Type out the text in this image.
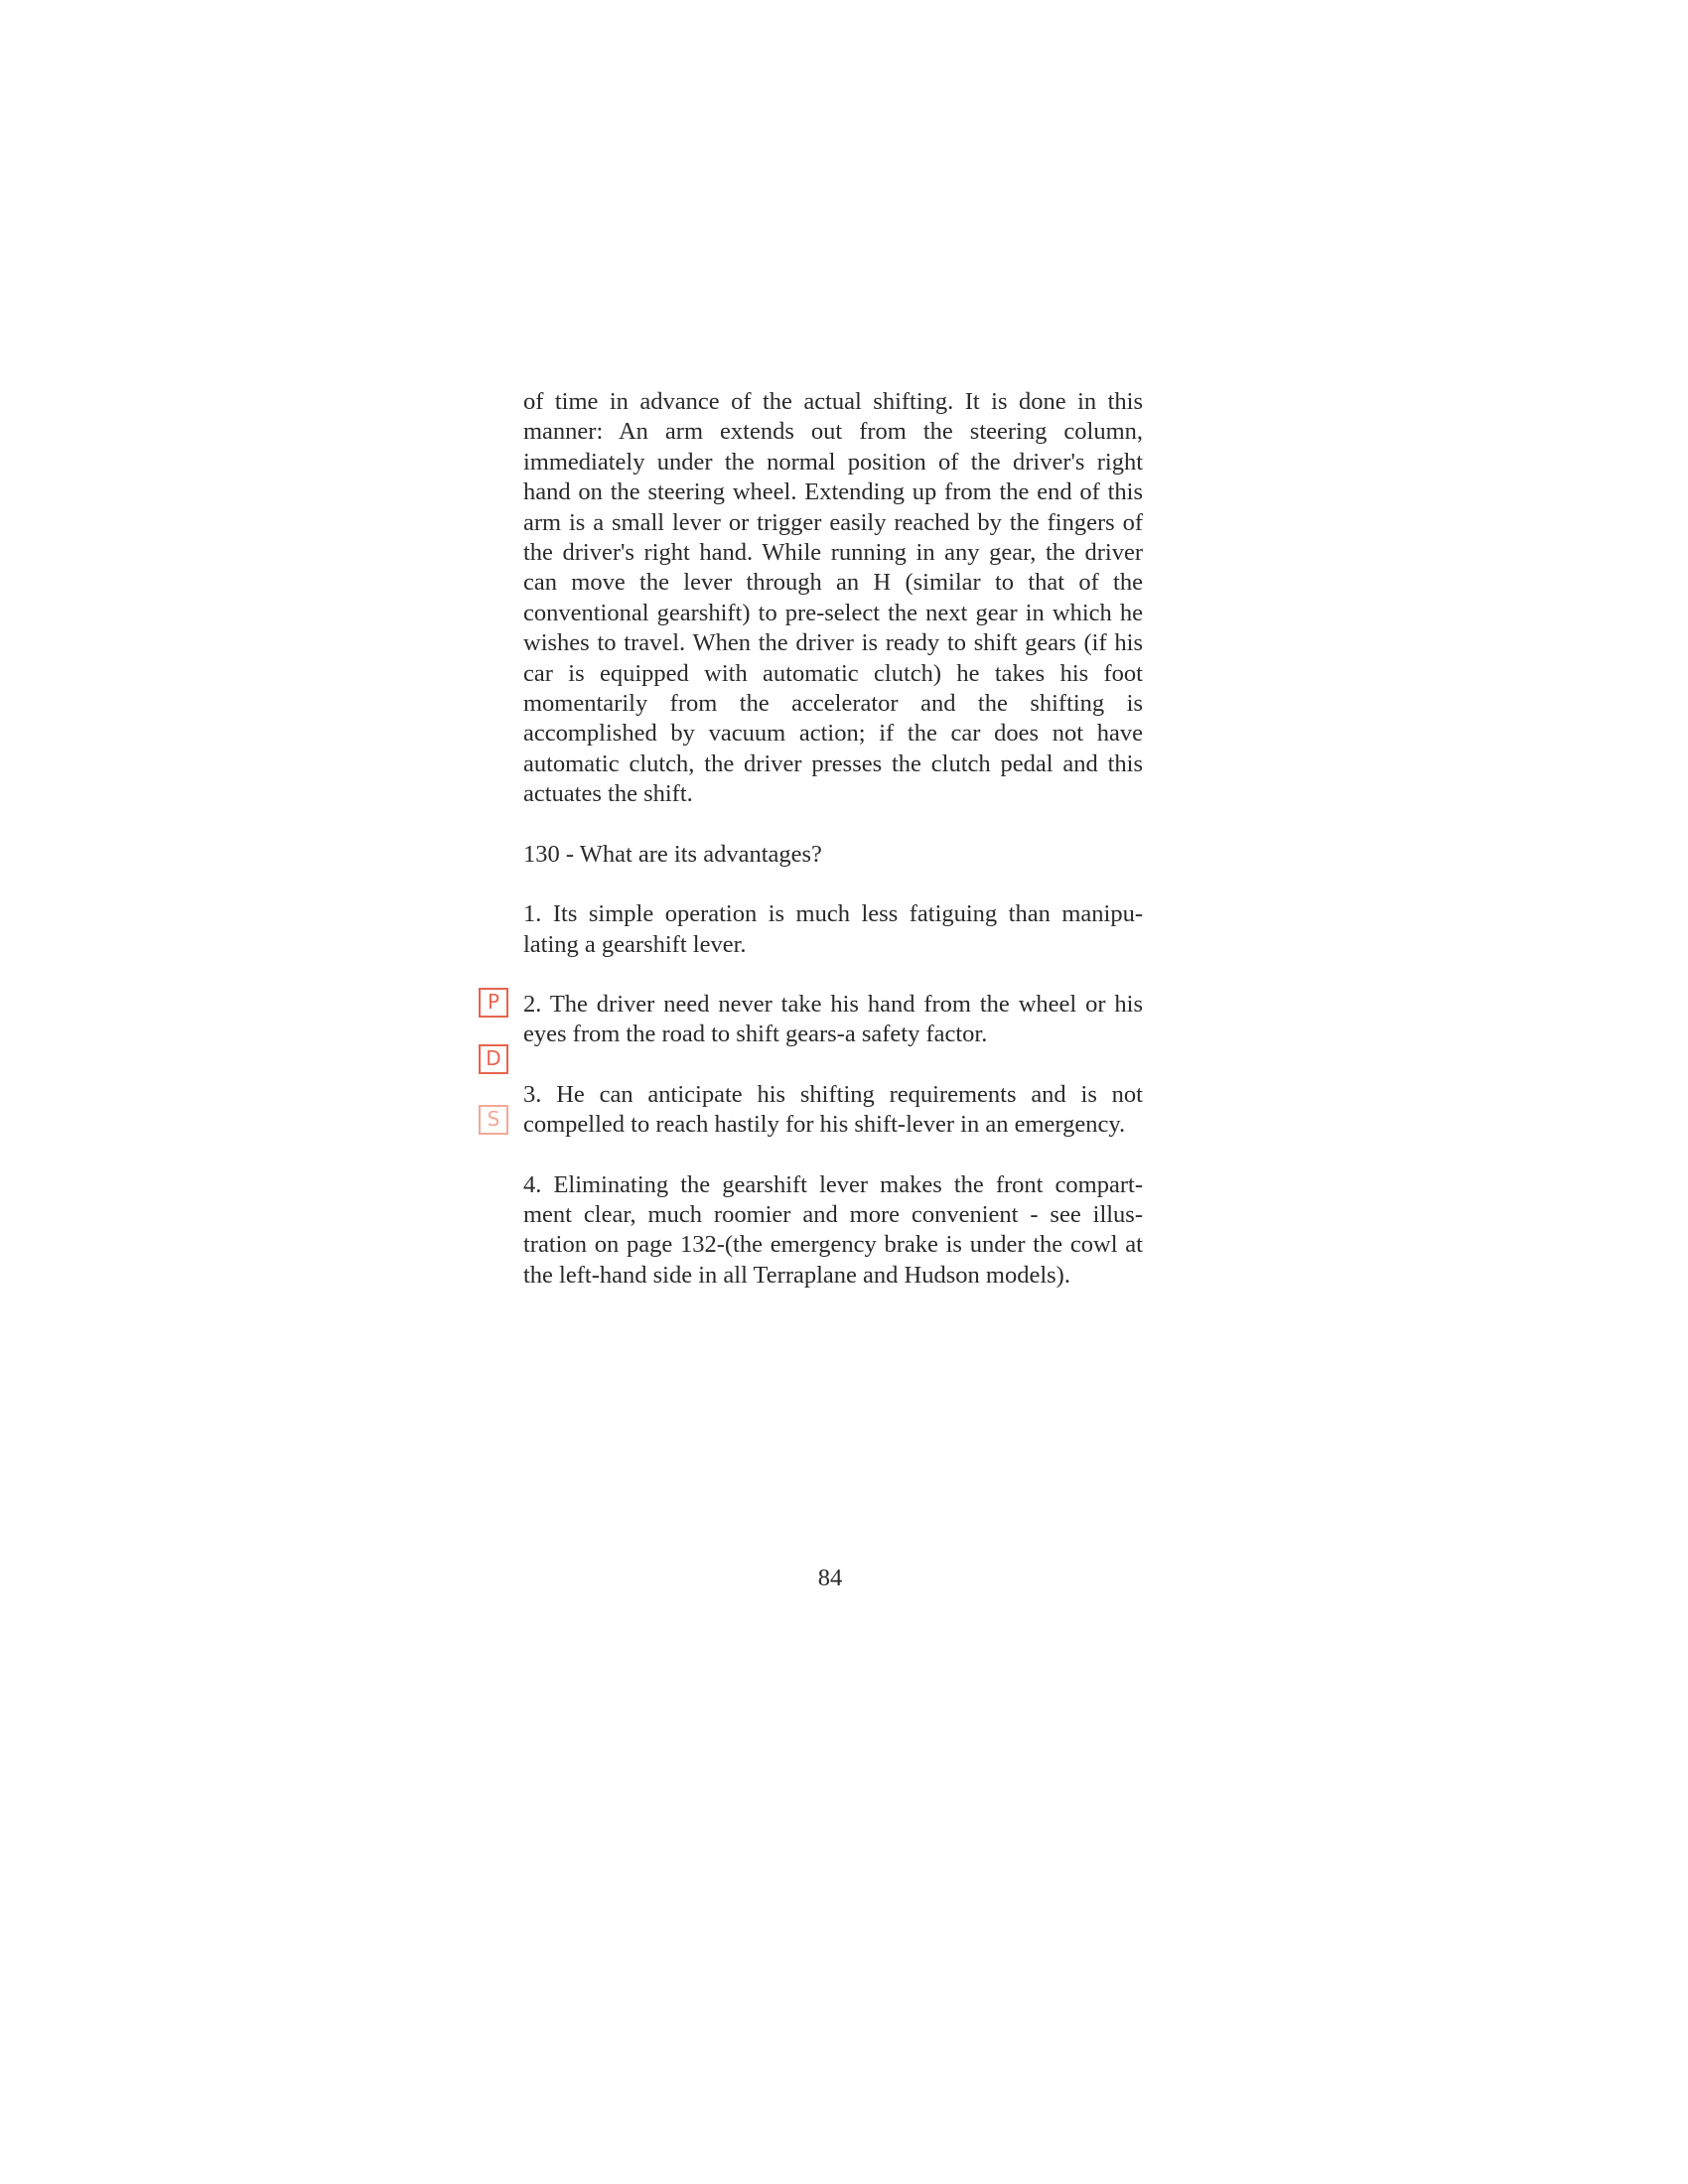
of time in advance of the actual shifting. It is done in this manner: An arm extends out from the steering column, immediately under the normal position of the driver's right hand on the steering wheel. Extending up from the end of this arm is a small lever or trigger easily reached by the fingers of the driver's right hand. While running in any gear, the driver can move the lever through an H (similar to that of the conventional gearshift) to pre-select the next gear in which he wishes to travel. When the driver is ready to shift gears (if his car is equipped with automatic clutch) he takes his foot momentarily from the accelerator and the shifting is accomplished by vacuum action; if the car does not have automatic clutch, the driver presses the clutch pedal and this actuates the shift.

130 - What are its advantages?

1. Its simple operation is much less fatiguing than manipu-lating a gearshift lever.

2. The driver need never take his hand from the wheel or his eyes from the road to shift gears-a safety factor.

3. He can anticipate his shifting requirements and is not compelled to reach hastily for his shift-lever in an emergency.

4. Eliminating the gearshift lever makes the front compart-ment clear, much roomier and more convenient - see illus-tration on page 132-(the emergency brake is under the cowl at the left-hand side in all Terraplane and Hudson models).

P
D
S
84
